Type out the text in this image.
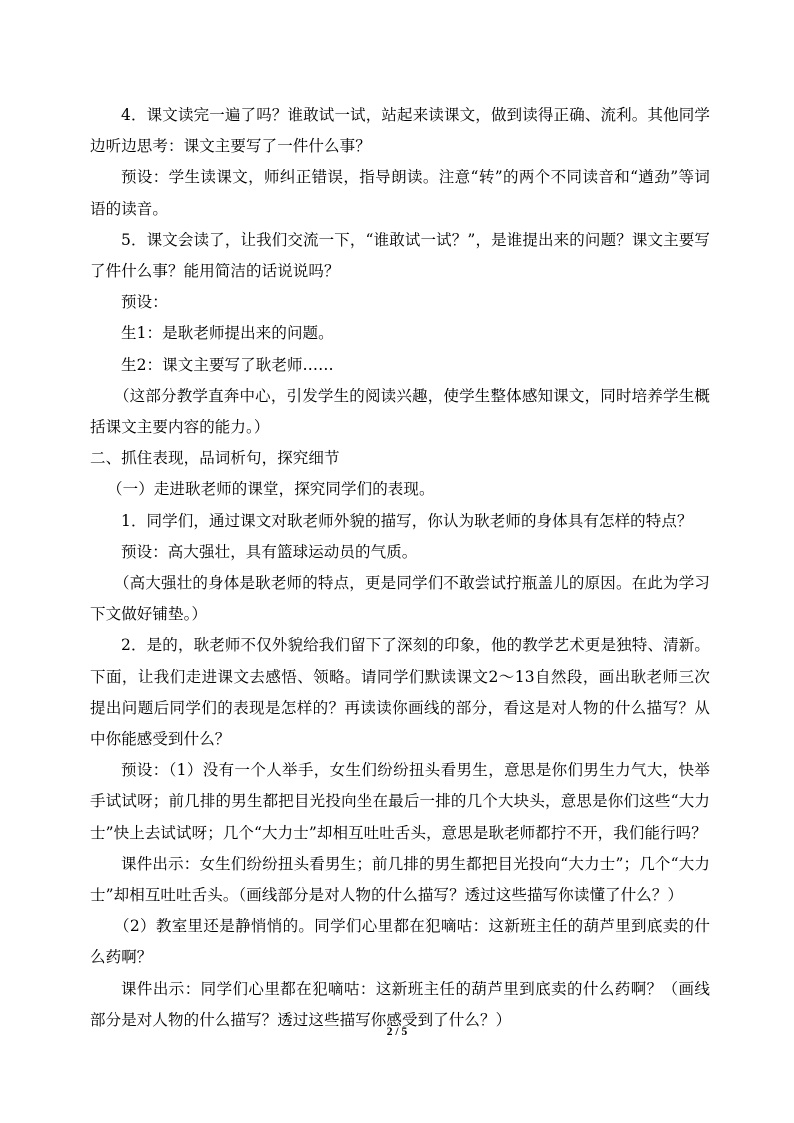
4．课文读完一遍了吗？谁敢试一试，站起来读课文，做到读得正确、流利。其他同学边听边思考：课文主要写了一件什么事？

预设：学生读课文，师纠正错误，指导朗读。注意“转”的两个不同读音和“遒劲”等词语的读音。

5．课文会读了，让我们交流一下，“谁敢试一试？”，是谁提出来的问题？课文主要写了件什么事？能用简洁的话说说吗？

预设：

生1：是耿老师提出来的问题。

生2：课文主要写了耿老师……

（这部分教学直奔中心，引发学生的阅读兴趣，使学生整体感知课文，同时培养学生概括课文主要内容的能力。）

二、抓住表现，品词析句，探究细节

（一）走进耿老师的课堂，探究同学们的表现。

1．同学们，通过课文对耿老师外貌的描写，你认为耿老师的身体具有怎样的特点？

预设：高大强壮，具有篮球运动员的气质。

（高大强壮的身体是耿老师的特点，更是同学们不敢尝试拧瓶盖儿的原因。在此为学习下文做好铺垫。）

2．是的，耿老师不仅外貌给我们留下了深刻的印象，他的教学艺术更是独特、清新。下面，让我们走进课文去感悟、领略。请同学们默读课文2～13自然段，画出耿老师三次提出问题后同学们的表现是怎样的？再读读你画线的部分，看这是对人物的什么描写？从中你能感受到什么？

预设：（1）没有一个人举手，女生们纷纷扭头看男生，意思是你们男生力气大，快举手试试呀；前几排的男生都把目光投向坐在最后一排的几个大块头，意思是你们这些“大力士”快上去试试呀；几个“大力士”却相互吐吐舌头，意思是耿老师都拧不开，我们能行吗？

课件出示：女生们纷纷扭头看男生；前几排的男生都把目光投向“大力士”；几个“大力士”却相互吐吐舌头。（画线部分是对人物的什么描写？透过这些描写你读懂了什么？）

（2）教室里还是静悄悄的。同学们心里都在犯嘀咕：这新班主任的葫芦里到底卖的什么药啊？

课件出示：同学们心里都在犯嘀咕：这新班主任的葫芦里到底卖的什么药啊？（画线部分是对人物的什么描写？透过这些描写你感受到了什么？）

2 / 5
